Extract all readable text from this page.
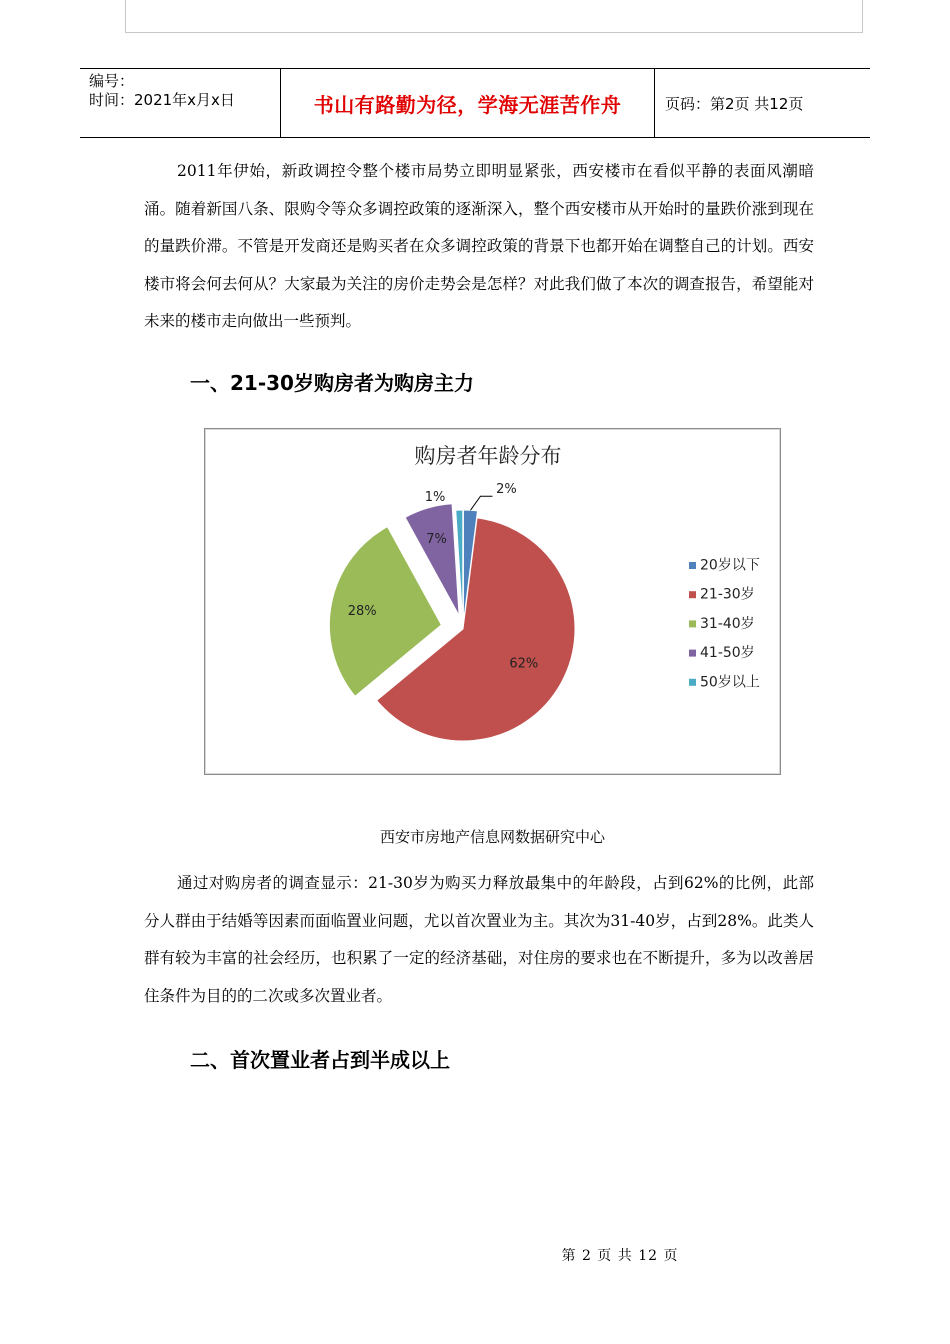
编号：
时间：2021年x月x日	书山有路勤为径，学海无涯苦作舟	页码：第2页 共12页
2011年伊始，新政调控令整个楼市局势立即明显紧张，西安楼市在看似平静的表面风潮暗涌。随着新国八条、限购令等众多调控政策的逐渐深入，整个西安楼市从开始时的量跌价涨到现在的量跌价滞。不管是开发商还是购买者在众多调控政策的背景下也都开始在调整自己的计划。西安楼市将会何去何从？大家最为关注的房价走势会是怎样？对此我们做了本次的调查报告，希望能对未来的楼市走向做出一些预判。
一、21-30岁购房者为购房主力
购房者年龄分布
2%
62%
28%
7%
1%
20岁以下
21-30岁
31-40岁
41-50岁
50岁以上
西安市房地产信息网数据研究中心
通过对购房者的调查显示：21-30岁为购买力释放最集中的年龄段，占到62%的比例，此部分人群由于结婚等因素而面临置业问题，尤以首次置业为主。其次为31-40岁，占到28%。此类人群有较为丰富的社会经历，也积累了一定的经济基础，对住房的要求也在不断提升，多为以改善居住条件为目的的二次或多次置业者。
二、首次置业者占到半成以上
第 2 页 共 12 页
